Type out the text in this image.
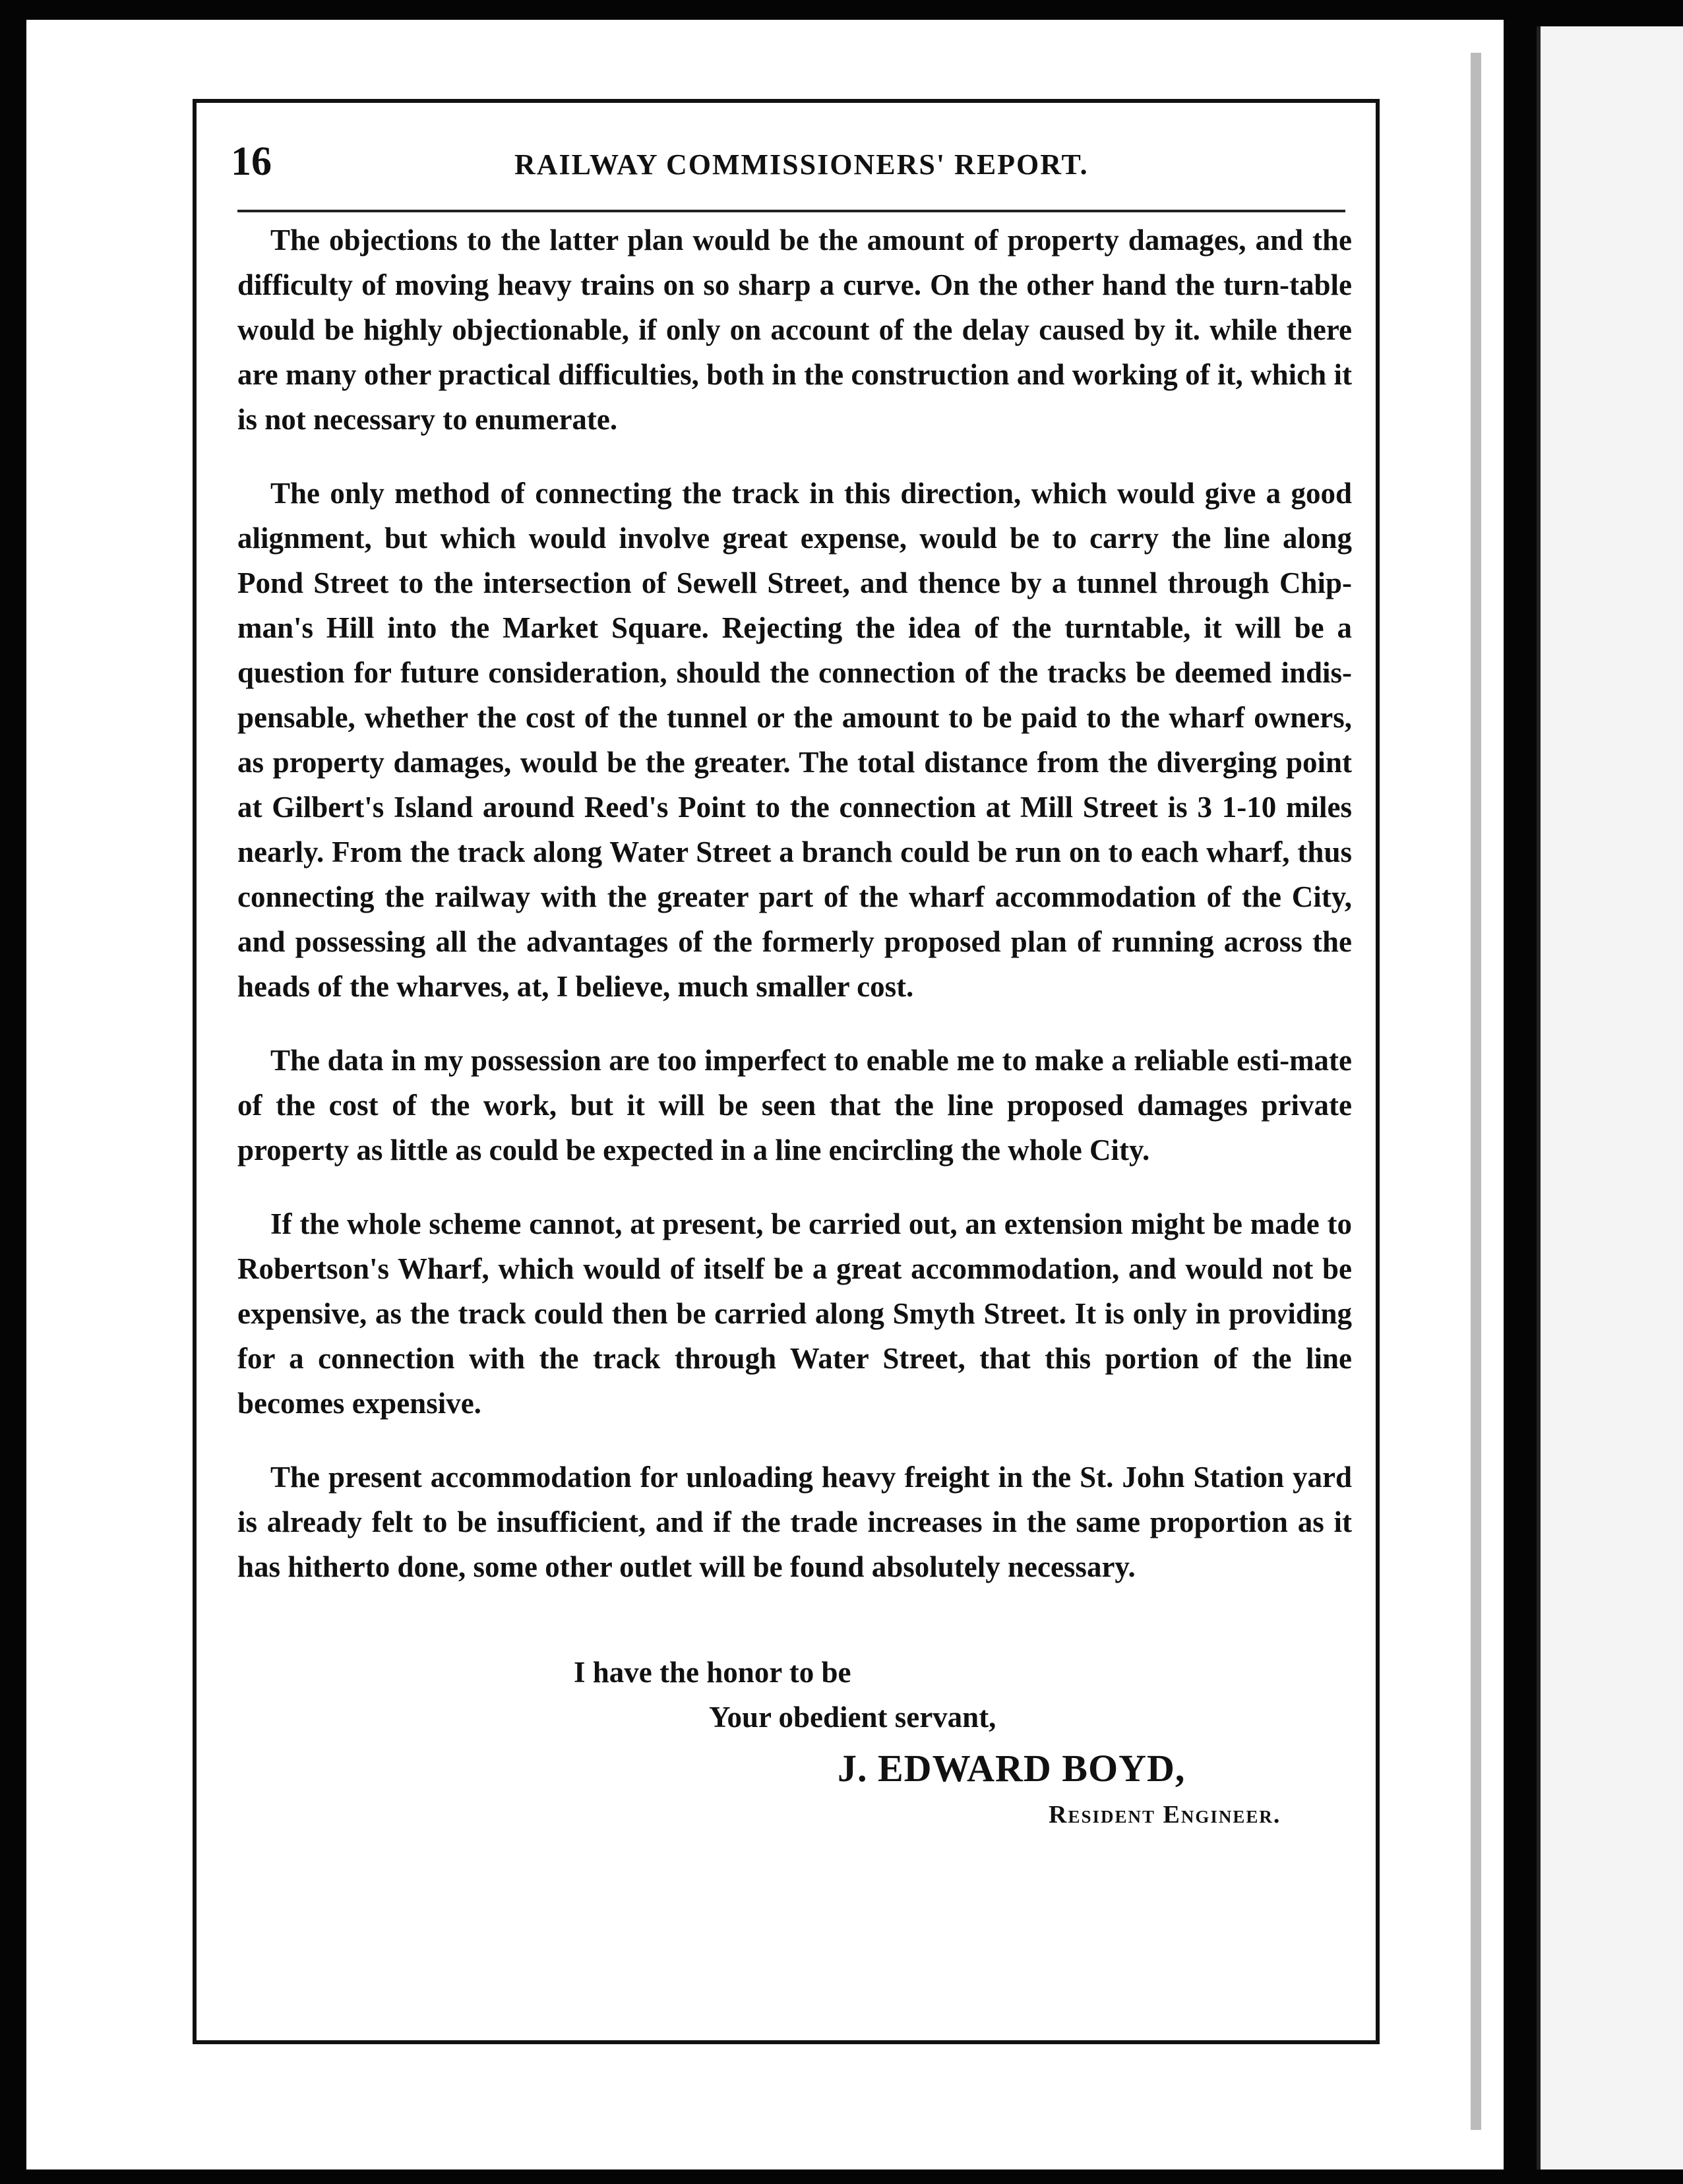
16	RAILWAY COMMISSIONERS' REPORT.

The objections to the latter plan would be the amount of property damages, and the difficulty of moving heavy trains on so sharp a curve. On the other hand the turn-table would be highly objectionable, if only on account of the delay caused by it. while there are many other practical difficulties, both in the construction and working of it, which it is not necessary to enumerate.

The only method of connecting the track in this direction, which would give a good alignment, but which would involve great expense, would be to carry the line along Pond Street to the intersection of Sewell Street, and thence by a tunnel through Chip-man's Hill into the Market Square. Rejecting the idea of the turntable, it will be a question for future consideration, should the connection of the tracks be deemed indis-pensable, whether the cost of the tunnel or the amount to be paid to the wharf owners, as property damages, would be the greater. The total distance from the diverging point at Gilbert's Island around Reed's Point to the connection at Mill Street is 3 1-10 miles nearly. From the track along Water Street a branch could be run on to each wharf, thus connecting the railway with the greater part of the wharf accommodation of the City, and possessing all the advantages of the formerly proposed plan of running across the heads of the wharves, at, I believe, much smaller cost.

The data in my possession are too imperfect to enable me to make a reliable esti-mate of the cost of the work, but it will be seen that the line proposed damages private property as little as could be expected in a line encircling the whole City.

If the whole scheme cannot, at present, be carried out, an extension might be made to Robertson's Wharf, which would of itself be a great accommodation, and would not be expensive, as the track could then be carried along Smyth Street. It is only in providing for a connection with the track through Water Street, that this portion of the line becomes expensive.

The present accommodation for unloading heavy freight in the St. John Station yard is already felt to be insufficient, and if the trade increases in the same proportion as it has hitherto done, some other outlet will be found absolutely necessary.

I have the honor to be
Your obedient servant,
J. EDWARD BOYD,
Resident Engineer.
